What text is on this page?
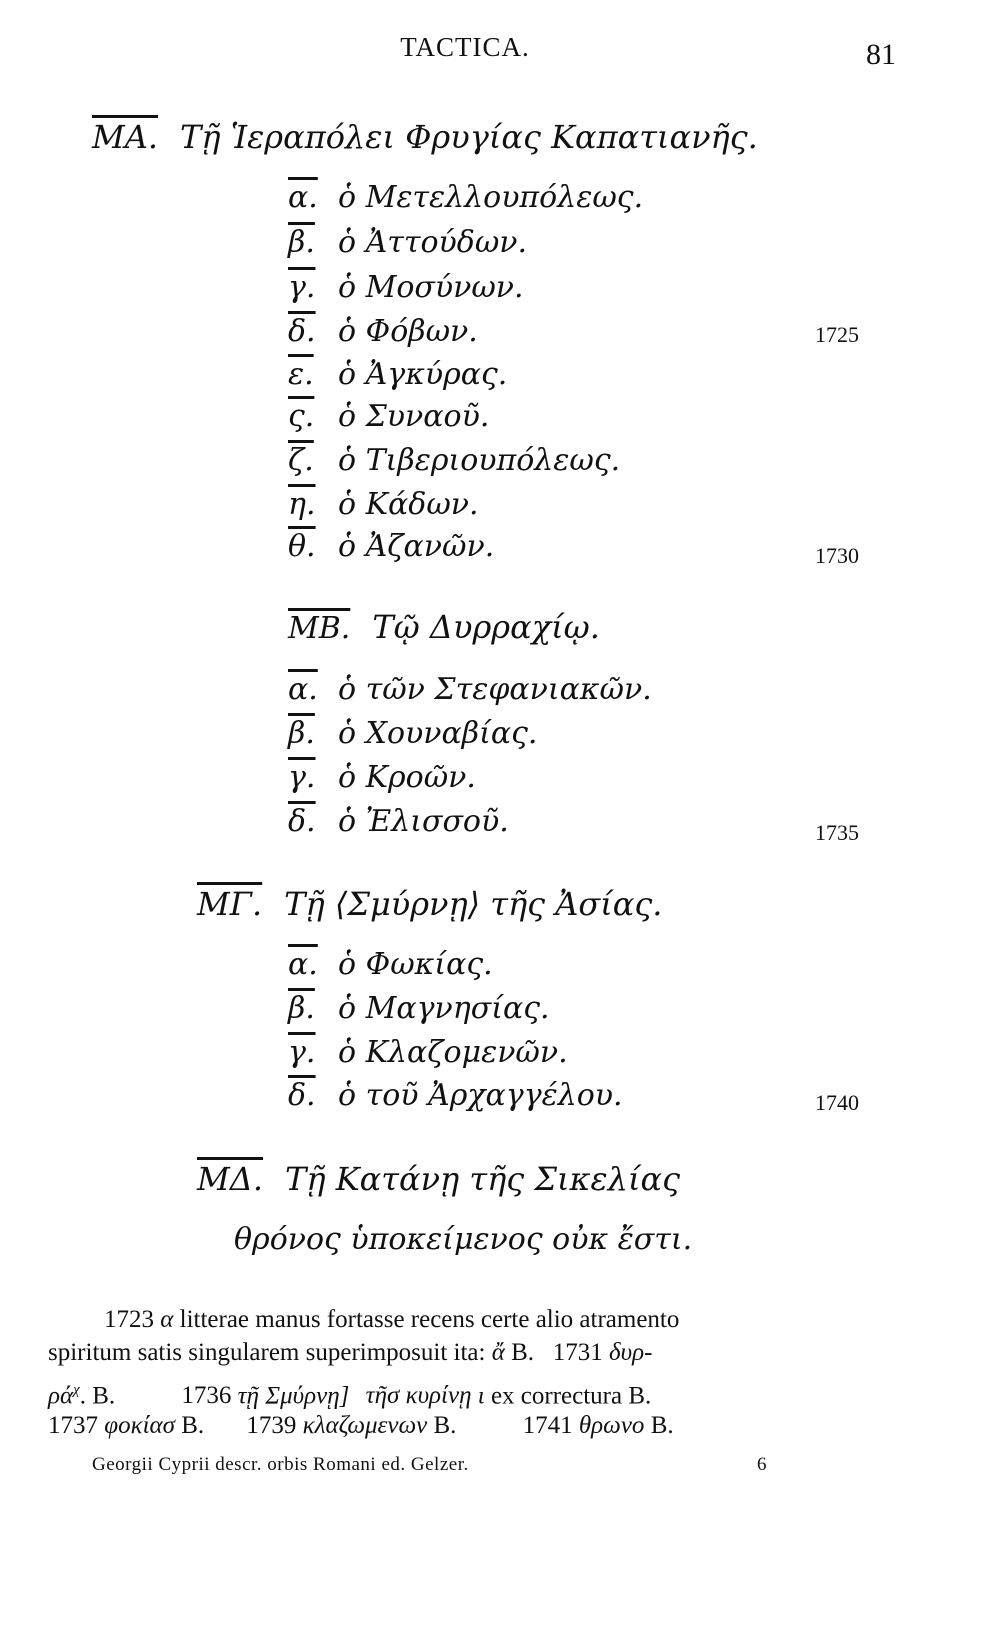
TACTICA.	81
ΜΑ. Τῇ Ἱεραπόλει Φρυγίας Καπατιανῆς.
α. ὁ Μετελλουπόλεως.
β. ὁ Ἀττούδων.
γ. ὁ Μοσύνων.
δ. ὁ Φόβων.	1725
ε. ὁ Ἀγκύρας.
ς. ὁ Συναοῦ.
ζ. ὁ Τιβεριουπόλεως.
η. ὁ Κάδων.
θ. ὁ Ἀζανῶν.	1730
ΜΒ. Τῷ Δυρραχίῳ.
α. ὁ τῶν Στεφανιακῶν.
β. ὁ Χουναβίας.
γ. ὁ Κροῶν.
δ. ὁ Ἐλισσοῦ.	1735
ΜΓ. Τῇ ⟨Σμύρνῃ⟩ τῆς Ἀσίας.
α. ὁ Φωκίας.
β. ὁ Μαγνησίας.
γ. ὁ Κλαζομενῶν.
δ. ὁ τοῦ Ἀρχαγγέλου.	1740
ΜΔ. Τῇ Κατάνῃ τῆς Σικελίας
θρόνος ὑποκείμενος οὐκ ἔστι.
1723 α litterae manus fortasse recens certe alio atramento
spiritum satis singularem superimposuit ita: ἄ B.   1731 δυρ-
$\rho ά^\chi$. B.	1736 τῇ Σμύρνῃ] τῆσ κυρίνῃ ι ex correctura B.
1737 φοκίασ B. 1739 κλαζωμενων B.	1741 θρωνο B.
Georgii Cyprii descr. orbis Romani ed. Gelzer.	6
